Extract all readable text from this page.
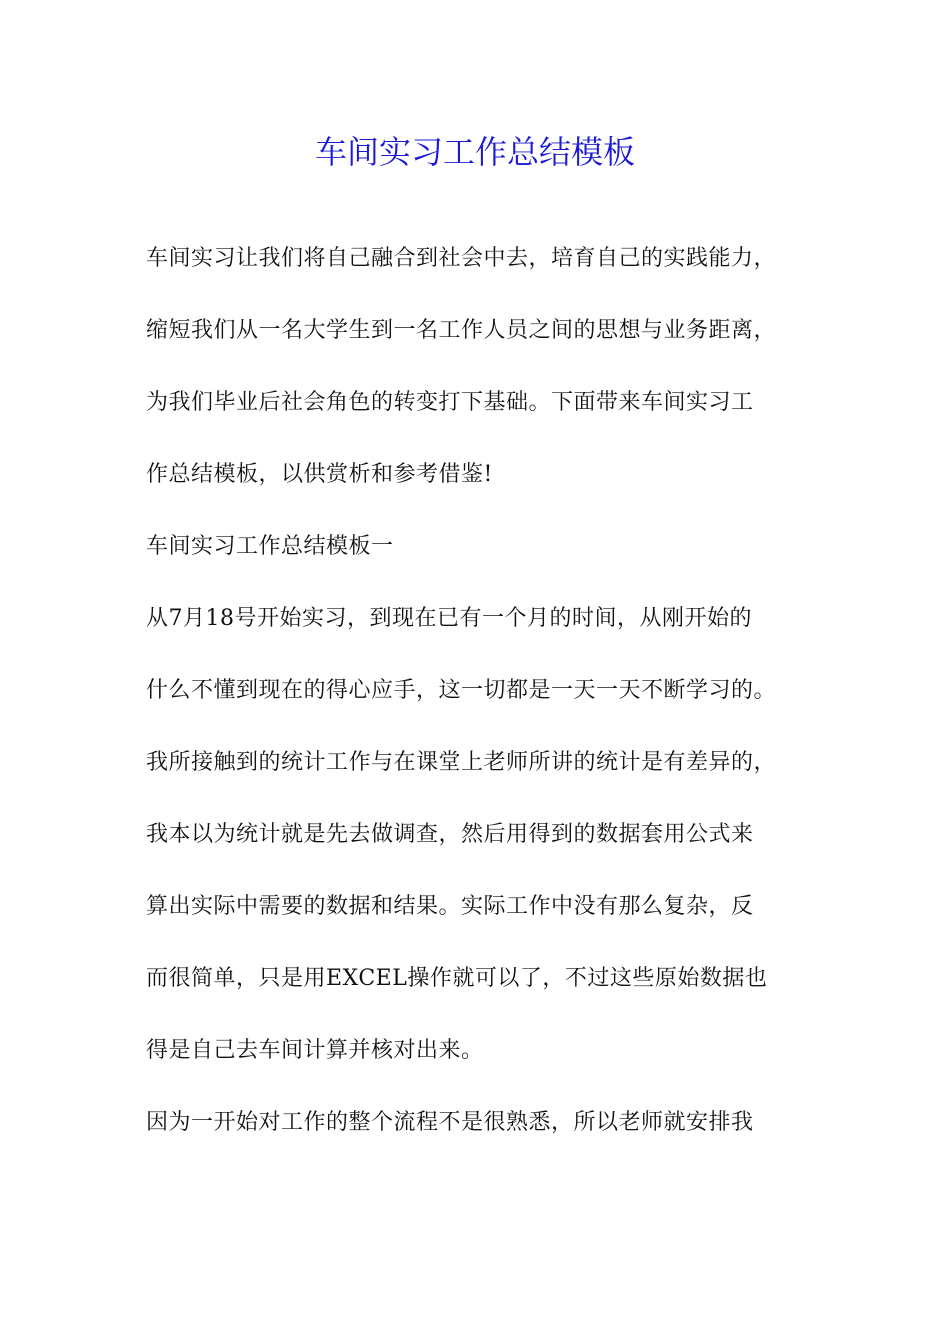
车间实习工作总结模板
车间实习让我们将自己融合到社会中去，培育自己的实践能力，
缩短我们从一名大学生到一名工作人员之间的思想与业务距离，
为我们毕业后社会角色的转变打下基础。下面带来车间实习工
作总结模板，以供赏析和参考借鉴!
车间实习工作总结模板一
从7月18号开始实习，到现在已有一个月的时间，从刚开始的
什么不懂到现在的得心应手，这一切都是一天一天不断学习的。
我所接触到的统计工作与在课堂上老师所讲的统计是有差异的，
我本以为统计就是先去做调查，然后用得到的数据套用公式来
算出实际中需要的数据和结果。实际工作中没有那么复杂，反
而很简单，只是用EXCEL操作就可以了，不过这些原始数据也
得是自己去车间计算并核对出来。
因为一开始对工作的整个流程不是很熟悉，所以老师就安排我
